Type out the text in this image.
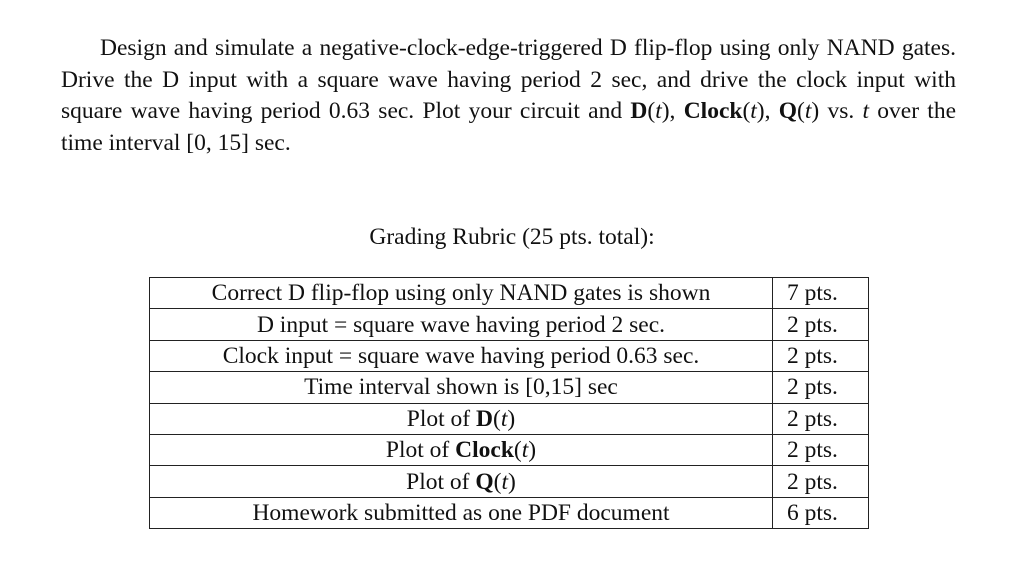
Design and simulate a negative-clock-edge-triggered D flip-flop using only NAND gates. Drive the D input with a square wave having period 2 sec, and drive the clock input with square wave having period 0.63 sec. Plot your circuit and D(t), Clock(t), Q(t) vs. t over the time interval [0, 15] sec.

Grading Rubric (25 pts. total):
Correct D flip-flop using only NAND gates is shown	7 pts.
D input = square wave having period 2 sec.	2 pts.
Clock input = square wave having period 0.63 sec.	2 pts.
Time interval shown is [0,15] sec	2 pts.
Plot of D(t)	2 pts.
Plot of Clock(t)	2 pts.
Plot of Q(t)	2 pts.
Homework submitted as one PDF document	6 pts.
